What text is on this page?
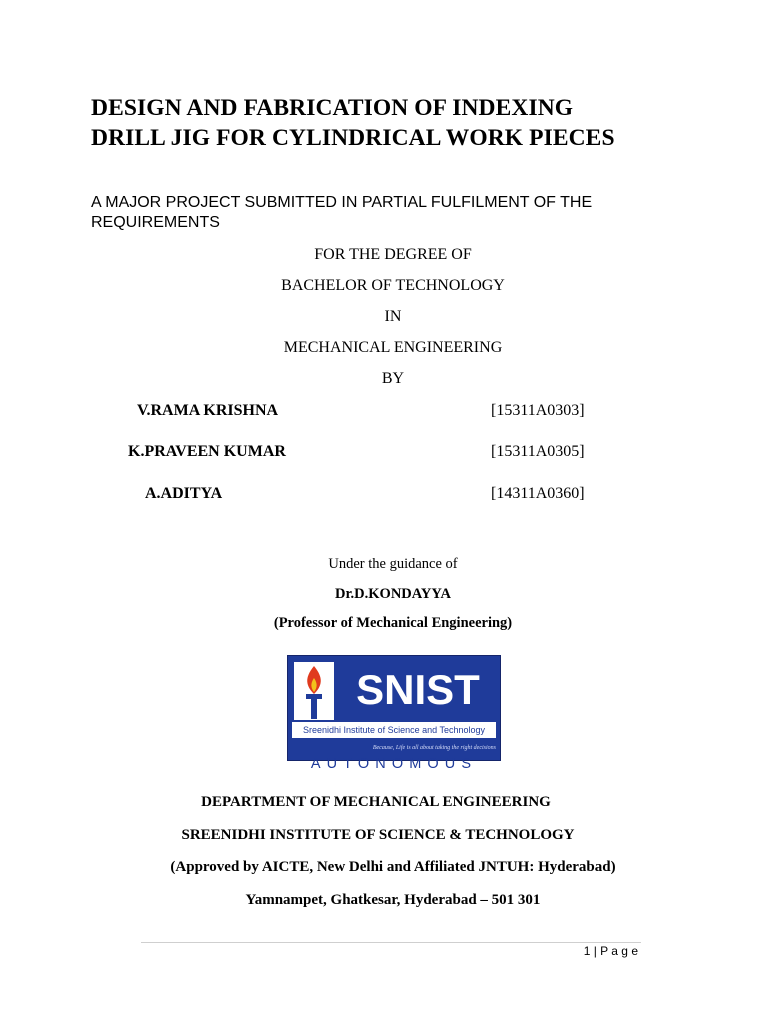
DESIGN AND FABRICATION OF INDEXING DRILL JIG FOR CYLINDRICAL WORK PIECES
A MAJOR PROJECT SUBMITTED IN PARTIAL FULFILMENT OF THE REQUIREMENTS
FOR THE DEGREE OF
BACHELOR OF TECHNOLOGY
IN
MECHANICAL ENGINEERING
BY
V.RAMA KRISHNA	[15311A0303]
K.PRAVEEN KUMAR	[15311A0305]
A.ADITYA	[14311A0360]
Under the guidance of
Dr.D.KONDAYYA
(Professor of Mechanical Engineering)
SNIST
Sreenidhi Institute of Science and Technology
Because, Life is all about taking the right decisions
AUTONOMOUS
DEPARTMENT OF MECHANICAL ENGINEERING
SREENIDHI INSTITUTE OF SCIENCE & TECHNOLOGY
(Approved by AICTE, New Delhi and Affiliated JNTUH: Hyderabad)
Yamnampet, Ghatkesar, Hyderabad – 501 301
1 | P a g e
